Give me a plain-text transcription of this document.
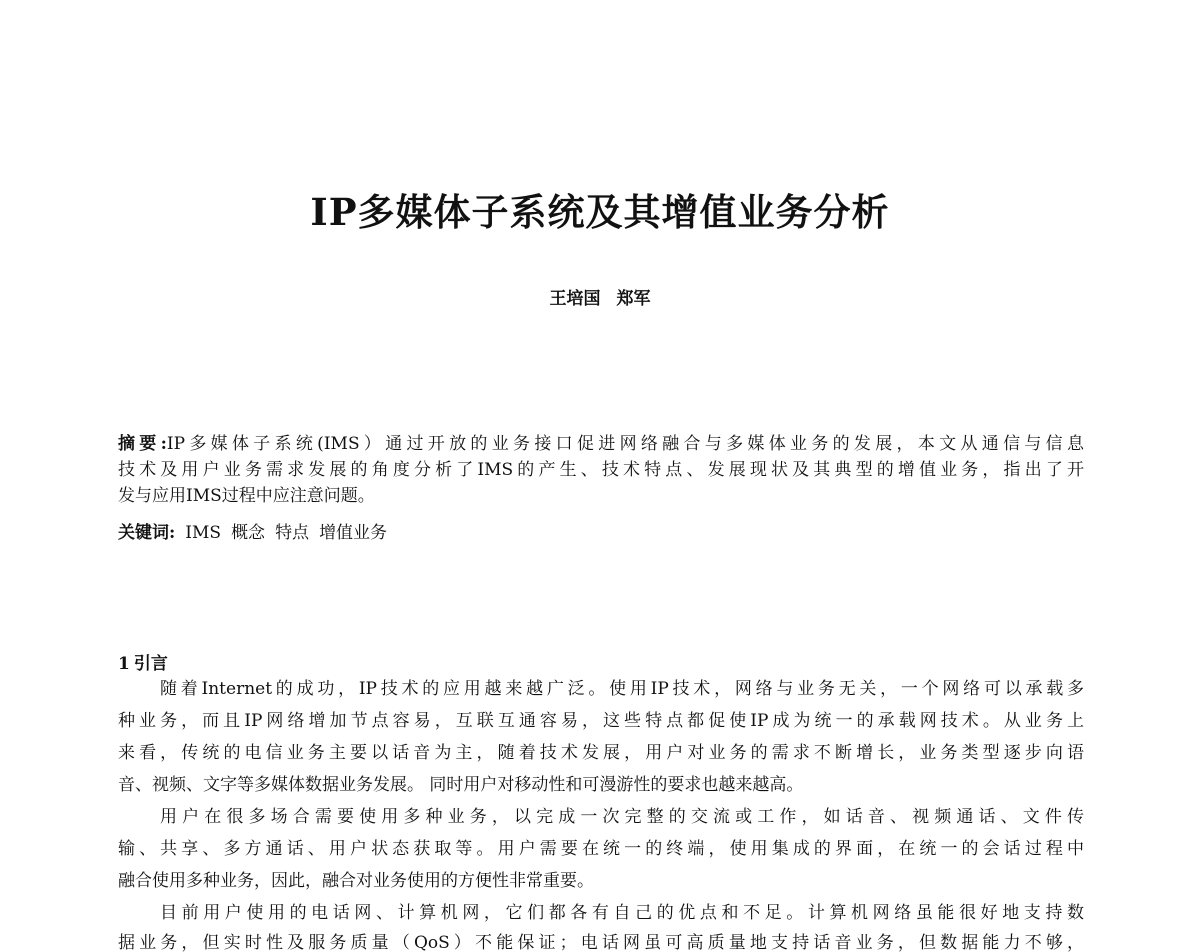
IP多媒体子系统及其增值业务分析
王培国 郑军
摘要:IP多媒体子系统(IMS）通过开放的业务接口促进网络融合与多媒体业务的发展，本文从通信与信息
技术及用户业务需求发展的角度分析了IMS的产生、技术特点、发展现状及其典型的增值业务，指出了开
发与应用IMS过程中应注意问题。
关键词: IMS 概念 特点 增值业务
1 引言
随着Internet的成功，IP技术的应用越来越广泛。使用IP技术，网络与业务无关，一个网络可以承载多
种业务，而且IP网络增加节点容易，互联互通容易，这些特点都促使IP成为统一的承载网技术。从业务上
来看，传统的电信业务主要以话音为主，随着技术发展，用户对业务的需求不断增长，业务类型逐步向语
音、视频、文字等多媒体数据业务发展。 同时用户对移动性和可漫游性的要求也越来越高。
用户在很多场合需要使用多种业务，以完成一次完整的交流或工作，如话音、视频通话、文件传
输、共享、多方通话、用户状态获取等。用户需要在统一的终端，使用集成的界面，在统一的会话过程中
融合使用多种业务，因此，融合对业务使用的方便性非常重要。
目前用户使用的电话网、计算机网，它们都各有自己的优点和不足。计算机网络虽能很好地支持数
据业务，但实时性及服务质量（QoS）不能保证；电话网虽可高质量地支持话音业务，但数据能力不够，
